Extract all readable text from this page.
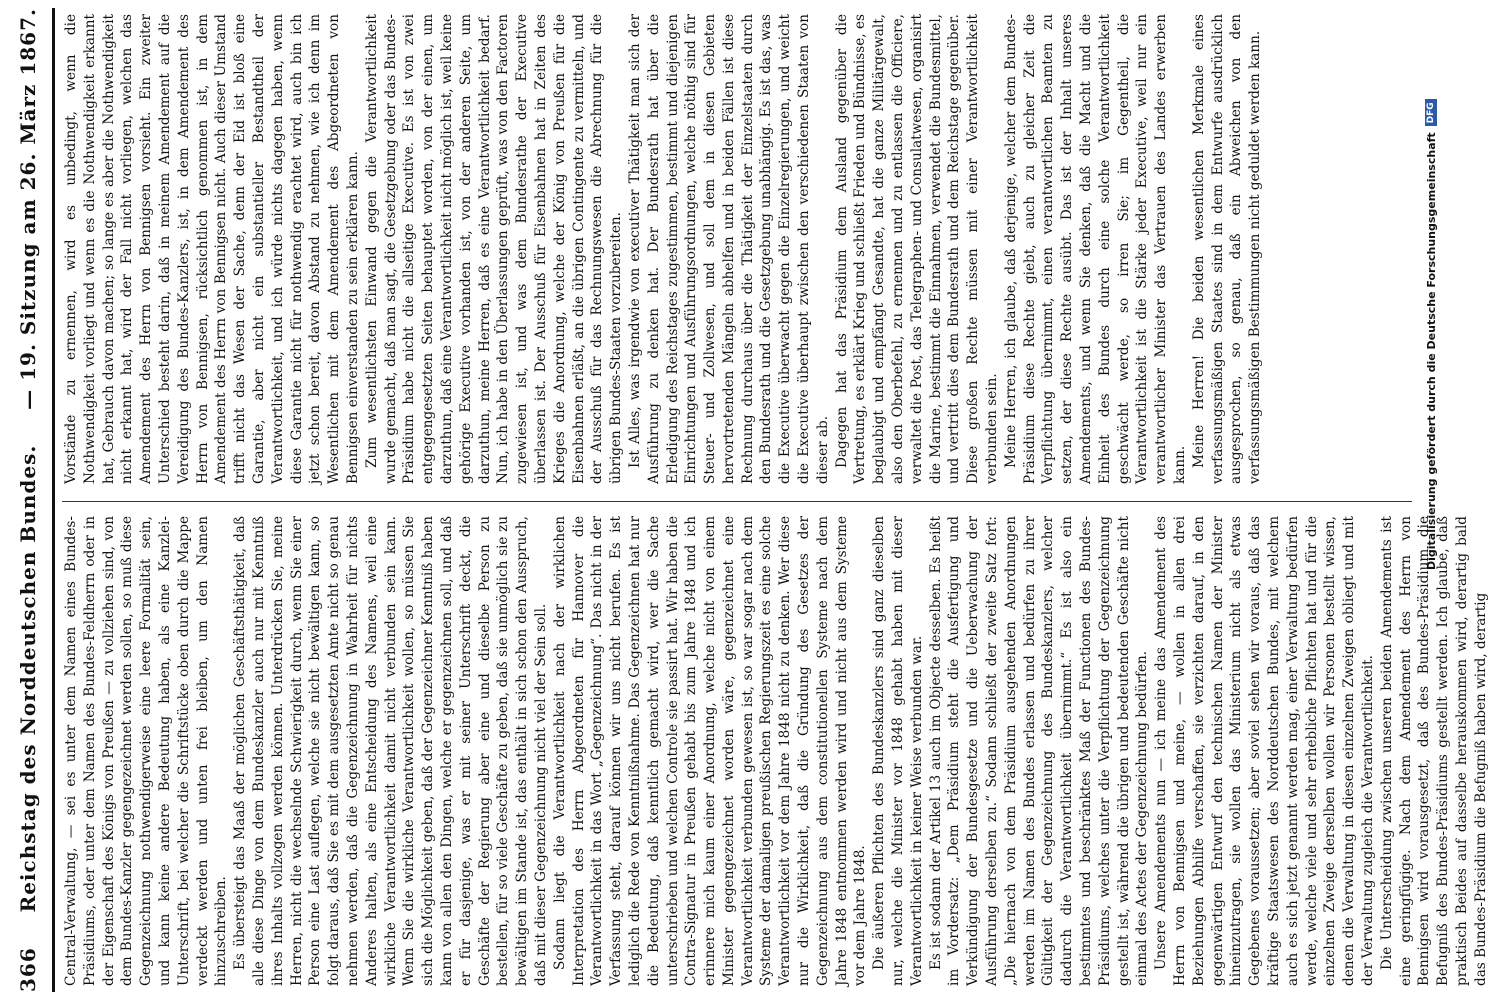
366
Reichstag des Norddeutschen Bundes.
— 19. Sitzung am 26. März 1867.

Central-Verwaltung, — sei es unter dem Namen eines Bundes-Präsidiums, oder unter dem Namen des Bundes-Feldherrn oder in der Eigenschaft des Königs von Preußen — zu vollziehen sind, von dem Bundes-Kanzler gegengezeichnet werden sollen, so muß diese Gegenzeichnung nothwendigerweise eine leere Formalität sein, und kann keine andere Bedeutung haben, als eine Kanzlei-Unterschrift, bei welcher die Schriftstücke oben durch die Mappe verdeckt werden und unten frei bleiben, um den Namen hinzuschreiben. Es übersteigt das Maaß der möglichen Geschäftsthätigkeit, daß alle diese Dinge von dem Bundeskanzler auch nur mit Kenntniß ihres Inhalts vollzogen werden können. Unterdrücken Sie, meine Herren, nicht die wechselnde Schwierigkeit durch, wenn Sie einer Person eine Last auflegen, welche sie nicht bewältigen kann, so folgt daraus, daß Sie es mit dem ausgesetzten Amte nicht so genau nehmen werden, daß die Gegenzeichnung in Wahrheit für nichts Anderes halten, als eine Entscheidung des Namens, weil eine wirkliche Verantwortlichkeit damit nicht verbunden sein kann. Wenn Sie die wirkliche Verantwortlichkeit wollen, so müssen Sie sich die Möglichkeit geben, daß der Gegenzeichner Kenntniß haben kann von allen den Dingen, welche er gegenzeichnen soll, und daß er für dasjenige, was er mit seiner Unterschrift deckt, die Geschäfte der Regierung aber eine und dieselbe Person zu bestellen, für so viele Geschäfte zu geben, daß sie unmöglich sie zu bewältigen im Stande ist, das enthält in sich schon den Ausspruch, daß mit dieser Gegenzeichnung nicht viel der Sein soll. Sodann liegt die Verantwortlichkeit nach der wirklichen Interpretation des Herrn Abgeordneten für Hannover die Verantwortlichkeit in das Wort „Gegenzeichnung“. Das nicht in der Verfassung steht, darauf können wir uns nicht berufen. Es ist lediglich die Rede von Kenntnißnahme. Das Gegenzeichnen hat nur die Bedeutung, daß kenntlich gemacht wird, wer die Sache unterschrieben und welchen Controle sie passirt hat. Wir haben die Contra-Signatur in Preußen gehabt bis zum Jahre 1848 und ich erinnere mich kaum einer Anordnung, welche nicht von einem Minister gegengezeichnet worden wäre, gegenzeichnet eine Verantwortlichkeit verbunden gewesen ist, so war sogar nach dem Systeme der damaligen preußischen Regierungszeit es eine solche Verantwortlichkeit vor dem Jahre 1848 nicht zu denken. Wer diese nur die Wirklichkeit, daß die Gründung des Gesetzes der Gegenzeichnung aus dem constitutionellen Systeme nach dem Jahre 1848 entnommen werden wird und nicht aus dem Systeme vor dem Jahre 1848. Die äußeren Pflichten des Bundeskanzlers sind ganz dieselben nur, welche die Minister vor 1848 gehabt haben mit dieser Verantwortlichkeit in keiner Weise verbunden war. Es ist sodann der Artikel 13 auch im Objecte desselben. Es heißt im Vordersatz: „Dem Präsidium steht die Ausfertigung und Verkündigung der Bundesgesetze und die Ueberwachung der Ausführung derselben zu.“ Sodann schließt der zweite Satz fort: „Die hiernach von dem Präsidium ausgehenden Anordnungen werden im Namen des Bundes erlassen und bedürfen zu ihrer Gültigkeit der Gegenzeichnung des Bundeskanzlers, welcher dadurch die Verantwortlichkeit übernimmt.“ Es ist also ein bestimmtes und beschränktes Maß der Functionen des Bundes-Präsidiums, welches unter die Verpflichtung der Gegenzeichnung gestellt ist, während die übrigen und bedeutenden Geschäfte nicht einmal des Actes der Gegenzeichnung bedürfen. Unsere Amendements nun — ich meine das Amendement des Herrn von Bennigsen und meine, — wollen in allen drei Beziehungen Abhilfe verschaffen, sie verzichten darauf, in den gegenwärtigen Entwurf den technischen Namen der Minister hineinzutragen, sie wollen das Ministerium nicht als etwas Gegebenes voraussetzen; aber soviel sehen wir voraus, daß das kräftige Staatswesen des Norddeutschen Bundes, mit welchem auch es sich jetzt genannt werden mag, einer Verwaltung bedürfen werde, welche viele und sehr erhebliche Pflichten hat und für die einzelnen Zweige derselben wollen wir Personen bestellt wissen, denen die Verwaltung in diesen einzelnen Zweigen obliegt und mit der Verwaltung zugleich die Verantwortlichkeit. Die Unterscheidung zwischen unseren beiden Amendements ist eine geringfügige. Nach dem Amendement des Herrn von Bennigsen wird vorausgesetzt, daß des Bundes-Präsidium die Befugniß des Bundes-Präsidiums gestellt werden. Ich glaube, daß praktisch Beides auf dasselbe herauskommen wird, derartig bald das Bundes-Präsidium die Befugniß haben wird, derartig

Vorstände zu ernennen, wird es unbedingt, wenn die Nothwendigkeit vorliegt und wenn es die Nothwendigkeit erkannt hat, Gebrauch davon machen; so lange es aber die Nothwendigkeit nicht erkannt hat, wird der Fall nicht vorliegen, welchen das Amendement des Herrn von Bennigsen vorsieht. Ein zweiter Unterschied besteht darin, daß in meinem Amendement auf die Vereidigung des Bundes-Kanzlers, ist, in dem Amendement des Herrn von Bennigsen, rücksichtlich genommen ist, in dem Amendement des Herrn von Bennigsen nicht. Auch dieser Umstand trifft nicht das Wesen der Sache, denn der Eid ist bloß eine Garantie, aber nicht ein substantieller Bestandtheil der Verantwortlichkeit, und ich würde nichts dagegen haben, wenn diese Garantie nicht für nothwendig erachtet wird, auch bin ich jetzt schon bereit, davon Abstand zu nehmen, wie ich denn im Wesentlichen mit dem Amendement des Abgeordneten von Bennigsen einverstanden zu sein erklären kann. Zum wesentlichsten Einwand gegen die Verantwortlichkeit wurde gemacht, daß man sagt, die Gesetzgebung oder das Bundes-Präsidium habe nicht die allseitige Executive. Es ist von zwei entgegengesetzten Seiten behauptet worden, von der einen, um darzuthun, daß eine Verantwortlichkeit nicht möglich ist, weil keine gehörige Executive vorhanden ist, von der anderen Seite, um darzuthun, meine Herren, daß es eine Verantwortlichkeit bedarf. Nun, ich habe in den Überlassungen geprüft, was von den Factoren zugewiesen ist, und was dem Bundesrathe der Executive überlassen ist. Der Ausschuß für Eisenbahnen hat in Zeiten des Krieges die Anordnung, welche der König von Preußen für die Eisenbahnen erläßt, an die übrigen Contingente zu vermitteln, und der Ausschuß für das Rechnungswesen die Abrechnung für die übrigen Bundes-Staaten vorzubereiten. Ist Alles, was irgendwie von executiver Thätigkeit man sich der Ausführung zu denken hat. Der Bundesrath hat über die Erledigung des Reichstages zugestimmen, bestimmt und diejenigen Einrichtungen und Ausführungsordnungen, welche nöthig sind für Steuer- und Zollwesen, und soll dem in diesen Gebieten hervortretenden Mängeln abhelfen und in beiden Fällen ist diese Rechnung durchaus über die Thätigkeit der Einzelstaaten durch den Bundesrath und die Gesetzgebung unabhängig. Es ist das, was die Executive überwacht gegen die Einzelregierungen, und weicht die Executive überhaupt zwischen den verschiedenen Staaten von dieser ab. Dagegen hat das Präsidium dem Ausland gegenüber die Vertretung, es erklärt Krieg und schließt Frieden und Bündnisse, es beglaubigt und empfängt Gesandte, hat die ganze Militärgewalt, also den Oberbefehl, zu ernennen und zu entlassen die Officiere, verwaltet die Post, das Telegraphen- und Consulatwesen, organisirt die Marine, bestimmt die Einnahmen, verwendet die Bundesmittel, und vertritt dies dem Bundesrath und dem Reichstage gegenüber. Diese großen Rechte müssen mit einer Verantwortlichkeit verbunden sein. Meine Herren, ich glaube, daß derjenige, welcher dem Bundes-Präsidium diese Rechte giebt, auch zu gleicher Zeit die Verpflichtung übernimmt, einen verantwortlichen Beamten zu setzen, der diese Rechte ausübt. Das ist der Inhalt unseres Amendements, und wenn Sie denken, daß die Macht und die Einheit des Bundes durch eine solche Verantwortlichkeit geschwächt werde, so irren Sie; im Gegentheil, die Verantwortlichkeit ist die Stärke jeder Executive, weil nur ein verantwortlicher Minister das Vertrauen des Landes erwerben kann. Meine Herren! Die beiden wesentlichen Merkmale eines verfassungsmäßigen Staates sind in dem Entwurfe ausdrücklich ausgesprochen, so genau, daß ein Abweichen von den verfassungsmäßigen Bestimmungen nicht geduldet werden kann.	Digitalisierung gefördert durch die Deutsche Forschungsgemeinschaft
DFG
